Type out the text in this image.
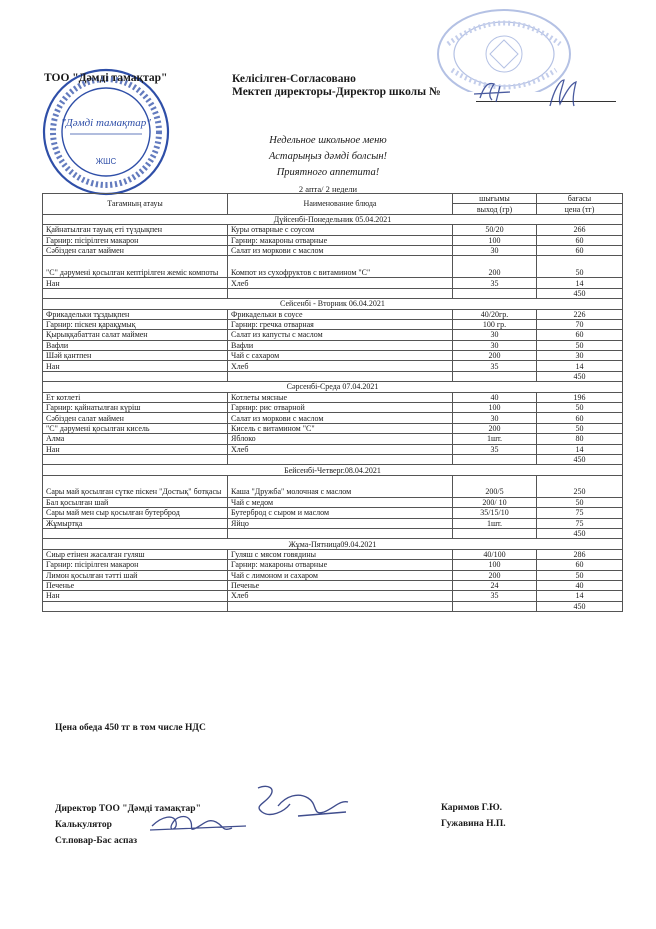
"Дәмді тамақтар"
ЖШС
ТОО "Дәмді тамақтар"	Келісілген-Согласовано
Мектеп директоры-Директор школы №
Недельное школьное меню
Астарыңыз дәмді болсын!
Приятного аппетита!
2 апта/ 2 недели
Тағамның атауы	Наименование блюда	шығымы	бағасы
		выход (гр)	цена (тг)
Дүйсенбі-Понедельник 05.04.2021			
Қайнатылған тауық еті түздықпен	Куры отварные с соусом	50/20	266
Гарнир: пісірілген макарон	Гарнир: макароны отварные	100	60
Сәбізден салат маймен	Салат из моркови с маслом	30	60
"С" дәруменi қосылған кептірілген жеміс компоты	Компот из сухофруктов с витамином "С"	200	50
Нан	Хлеб	35	14
			450
Сейсенбі - Вторник 06.04.2021			
Фрикадельки тұздықпен	Фрикадельки в соусе	40/20гр.	226
Гарнир: піскен қарақұмық	Гарнир: гречка отварная	100 гр.	70
Қырыққабаттан салат маймен	Салат из капусты с маслом	30	60
Вафли	Вафли	30	50
Шәй қантпен	Чай с сахаром	200	30
Нан	Хлеб	35	14
			450
Сәрсенбі-Среда 07.04.2021			
Ет котлеті	Котлеты мясные	40	196
Гарнир: қайнатылған күріш	Гарнир: рис отварной	100	50
Сәбізден салат маймен	Салат из моркови с маслом	30	60
"С" дәруменi қосылған кисель	Кисель с витамином "С"	200	50
Алма	Яблоко	1шт.	80
Нан	Хлеб	35	14
			450
Бейсенбі-Четверг.08.04.2021			
Сары май қосылған сүтке піскен "Достық" ботқасы	Каша "Дружба" молочная с маслом	200/5	250
Бал қосылған шай	Чай с медом	200/ 10	50
Сары май мен сыр қосылған бутерброд	Бутерброд с сыром и маслом	35/15/10	75
Жұмыртқа	Яйцо	1шт.	75
			450
Жұма-Пятница09.04.2021			
Сиыр етінен жасалған гуляш	Гуляш с мясом говядины	40/100	286
Гарнир: пісірілген макарон	Гарнир: макароны отварные	100	60
Лимон қосылған тәтті шай	Чай с лимоном и сахаром	200	50
Печенье	Печенье	24	40
Нан	Хлеб	35	14
			450
Цена обеда 450 тг в том числе НДС
Директор ТОО "Дәмді тамақтар"
Калькулятор
Ст.повар-Бас аспаз
Каримов Г.Ю.
Гужавина Н.П.
